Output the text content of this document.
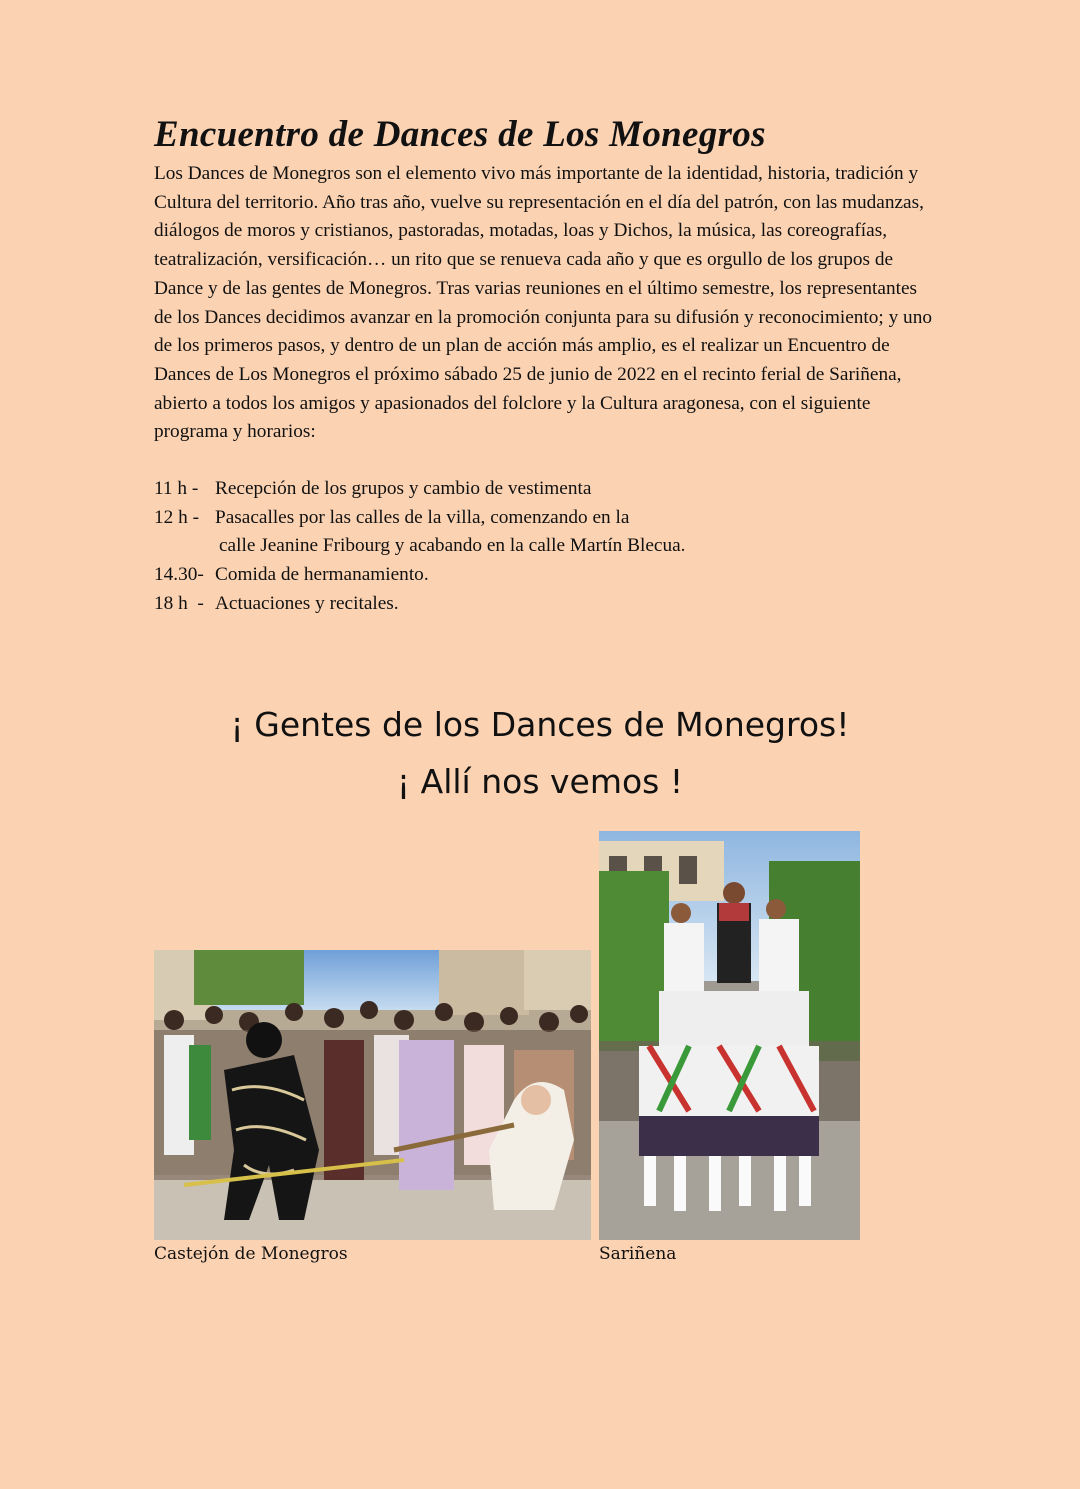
Encuentro de Dances de Los Monegros

Los Dances de Monegros son el elemento vivo más importante de la identidad, historia, tradición y Cultura del territorio. Año tras año, vuelve su representación en el día del patrón, con las mudanzas, diálogos de moros y cristianos, pastoradas, motadas, loas y Dichos, la música, las coreografías, teatralización, versificación… un rito que se renueva cada año y que es orgullo de los grupos de Dance y de las gentes de Monegros. Tras varias reuniones en el último semestre, los representantes de los Dances decidimos avanzar en la promoción conjunta para su difusión y reconocimiento; y uno de los primeros pasos, y dentro de un plan de acción más amplio, es el realizar un Encuentro de Dances de Los Monegros el próximo sábado 25 de junio de 2022 en el recinto ferial de Sariñena, abierto a todos los amigos y apasionados del folclore y la Cultura aragonesa, con el siguiente programa y horarios:

11 h - Recepción de los grupos y cambio de vestimenta
12 h - Pasacalles por las calles de la villa, comenzando en la
calle Jeanine Fribourg y acabando en la calle Martín Blecua.
14.30- Comida de hermanamiento.
18 h  - Actuaciones y recitales.
¡ Gentes de los Dances de Monegros!
¡ Allí nos vemos !
Castejón de Monegros	Sariñena
